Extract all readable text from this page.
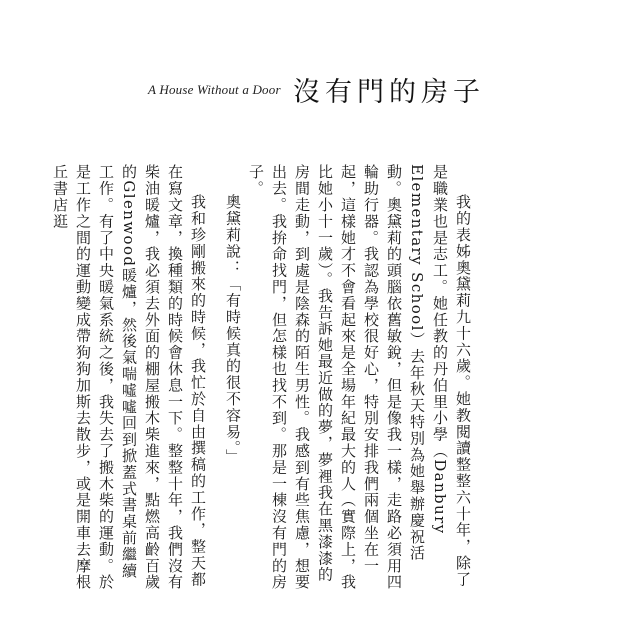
A House Without a Door 沒有門的房子

我的表姊奧黛莉九十六歲。她教閱讀整整六十年，除了是職業也是志工。她任教的丹伯里小學（Danbury Elementary School）去年秋天特別為她舉辦慶祝活動。奧黛莉的頭腦依舊敏銳，但是像我一樣，走路必須用四輪助行器。我認為學校很好心，特別安排我們兩個坐在一起，這樣她才不會看起來是全場年紀最大的人（實際上，我比她小十一歲）。我告訴她最近做的夢，夢裡我在黑漆漆的房間走動，到處是陰森的陌生男性。我感到有些焦慮，想要出去。我拚命找門，但怎樣也找不到。那是一棟沒有門的房子。

奧黛莉說：「有時候真的很不容易。」

我和珍剛搬來的時候，我忙於自由撰稿的工作，整天都在寫文章，換種類的時候會休息一下。整整十年，我們沒有柴油暖爐，我必須去外面的棚屋搬木柴進來，點燃高齡百歲的Glenwood暖爐，然後氣喘噓噓回到掀蓋式書桌前繼續工作。有了中央暖氣系統之後，我失去了搬木柴的運動。於是工作之間的運動變成帶狗狗加斯去散步，或是開車去摩根丘書店逛
